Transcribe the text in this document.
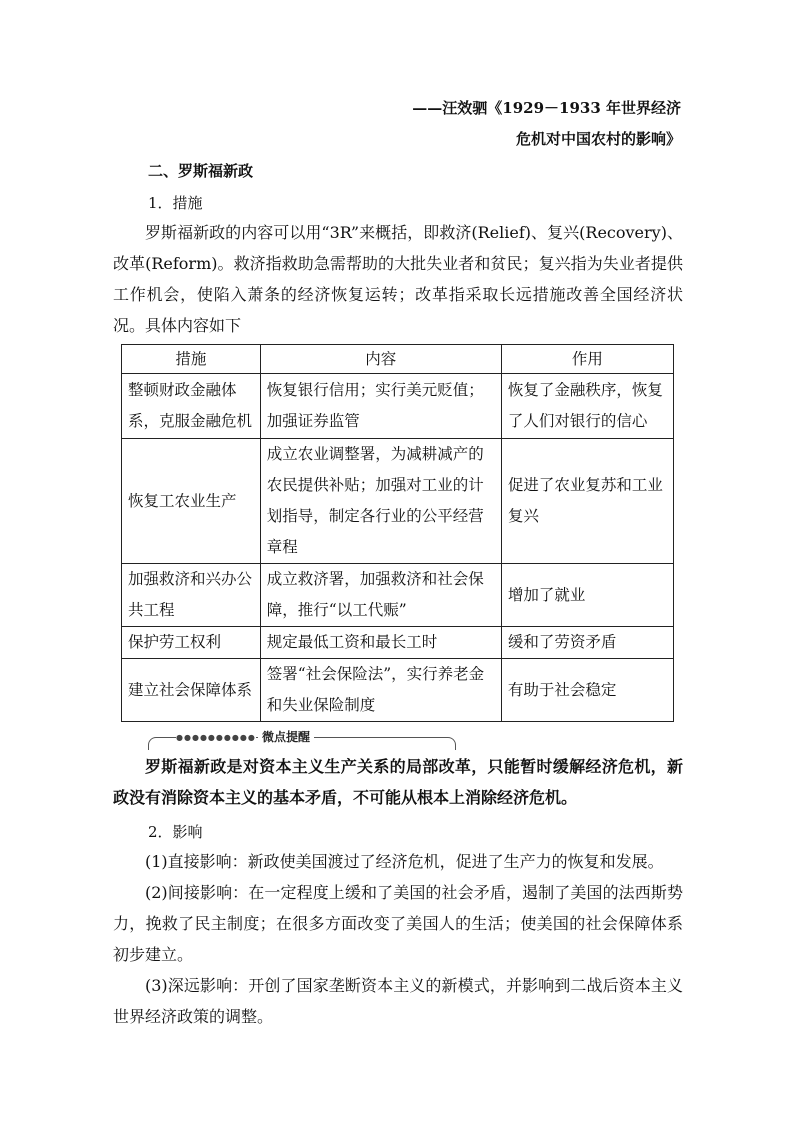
——汪效驷《1929－1933 年世界经济
危机对中国农村的影响》
二、罗斯福新政
1．措施
罗斯福新政的内容可以用“3R”来概括，即救济(Relief)、复兴(Recovery)、改革(Reform)。救济指救助急需帮助的大批失业者和贫民；复兴指为失业者提供工作机会，使陷入萧条的经济恢复运转；改革指采取长远措施改善全国经济状况。具体内容如下
措施	内容	作用
整顿财政金融体系，克服金融危机	恢复银行信用；实行美元贬值；加强证券监管	恢复了金融秩序，恢复了人们对银行的信心
恢复工农业生产	成立农业调整署，为减耕减产的农民提供补贴；加强对工业的计划指导，制定各行业的公平经营章程	促进了农业复苏和工业复兴
加强救济和兴办公共工程	成立救济署，加强救济和社会保障，推行“以工代赈”	增加了就业
保护劳工权利	规定最低工资和最长工时	缓和了劳资矛盾
建立社会保障体系	签署“社会保险法”，实行养老金和失业保险制度	有助于社会稳定
●●●●●●●●●● 微点提醒
罗斯福新政是对资本主义生产关系的局部改革，只能暂时缓解经济危机，新政没有消除资本主义的基本矛盾，不可能从根本上消除经济危机。
2．影响
(1)直接影响：新政使美国渡过了经济危机，促进了生产力的恢复和发展。
(2)间接影响：在一定程度上缓和了美国的社会矛盾，遏制了美国的法西斯势力，挽救了民主制度；在很多方面改变了美国人的生活；使美国的社会保障体系初步建立。
(3)深远影响：开创了国家垄断资本主义的新模式，并影响到二战后资本主义世界经济政策的调整。
